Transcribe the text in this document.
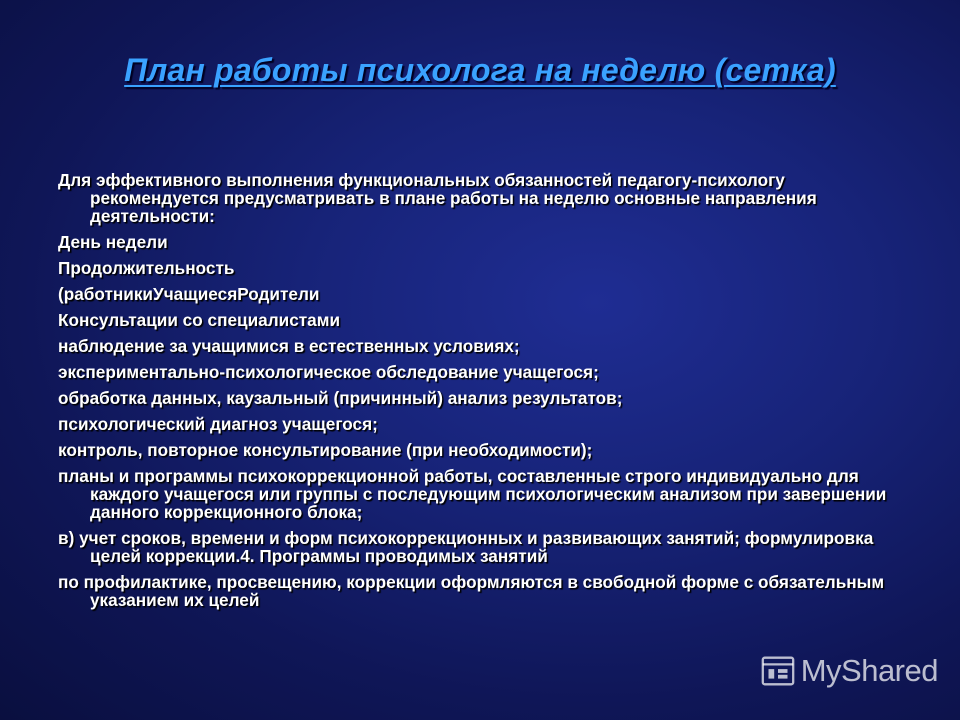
План работы психолога на неделю (сетка)

Для эффективного выполнения функциональных обязанностей педагогу-психологу рекомендуется предусматривать в плане работы на неделю основные направления деятельности:

День недели

Продолжительность

(работникиУчащиесяРодители

Консультации со специалистами

наблюдение за учащимися в естественных условиях;

экспериментально-психологическое обследование учащегося;

обработка данных, каузальный (причинный) анализ результатов;

психологический диагноз учащегося;

контроль, повторное консультирование (при необходимости);

планы и программы психокоррекционной работы, составленные строго индивидуально для каждого учащегося или группы с последующим психологическим анализом при завершении данного коррекционного блока;

в) учет сроков, времени и форм психокоррекционных и развивающих занятий; формулировка целей коррекции.4. Программы проводимых занятий

по профилактике, просвещению, коррекции оформляются в свободной форме с обязательным указанием их целей

MyShared
